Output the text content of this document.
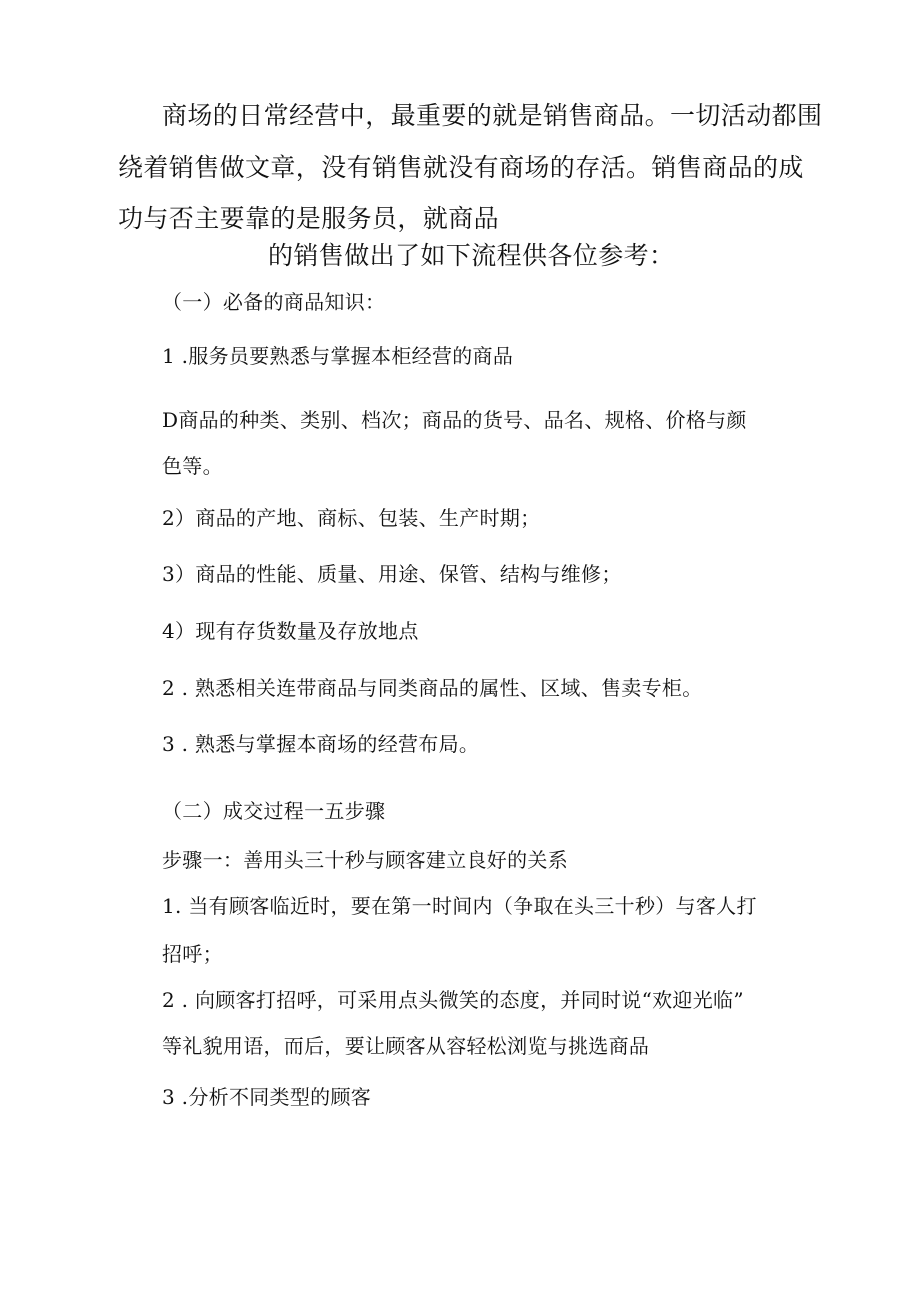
商场的日常经营中，最重要的就是销售商品。一切活动都围
绕着销售做文章，没有销售就没有商场的存活。销售商品的成
功与否主要靠的是服务员，就商品
的销售做出了如下流程供各位参考：
（一）必备的商品知识：
1 .服务员要熟悉与掌握本柜经营的商品
D商品的种类、类别、档次；商品的货号、品名、规格、价格与颜
色等。
2）商品的产地、商标、包装、生产时期；
3）商品的性能、质量、用途、保管、结构与维修；
4）现有存货数量及存放地点
2 . 熟悉相关连带商品与同类商品的属性、区域、售卖专柜。
3 . 熟悉与掌握本商场的经营布局。
（二）成交过程一五步骤
步骤一：善用头三十秒与顾客建立良好的关系
1. 当有顾客临近时，要在第一时间内（争取在头三十秒）与客人打
招呼；
2 . 向顾客打招呼，可采用点头微笑的态度，并同时说“欢迎光临”
等礼貌用语，而后，要让顾客从容轻松浏览与挑选商品
3 .分析不同类型的顾客
